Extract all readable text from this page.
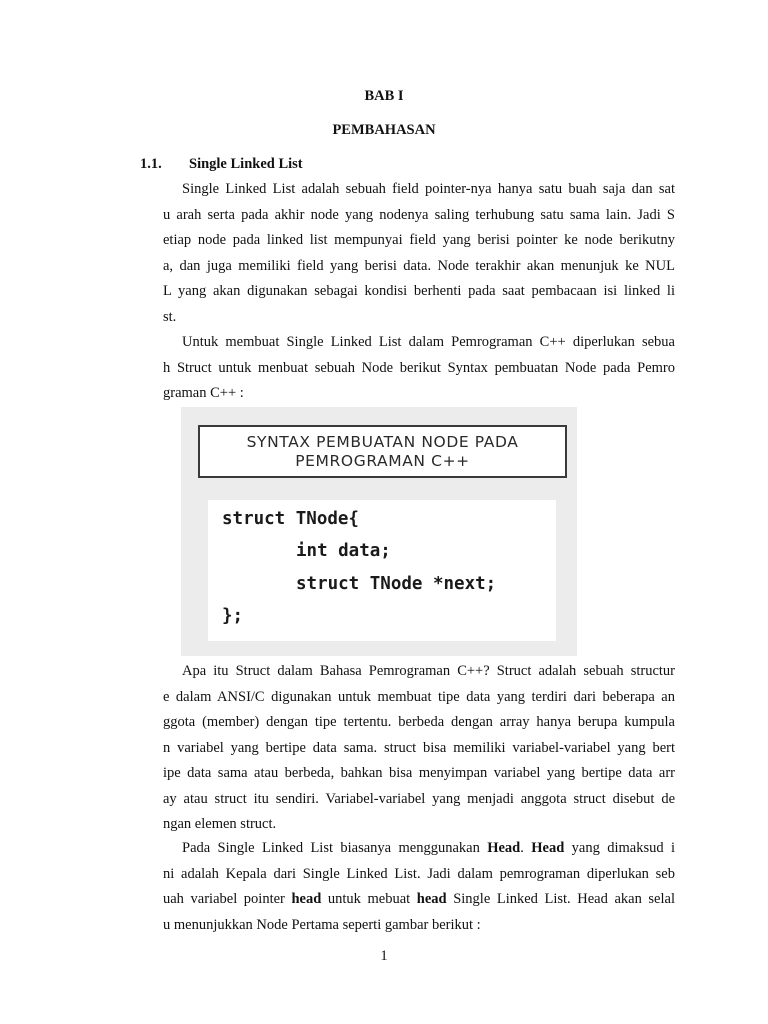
BAB I
PEMBAHASAN
1.1. Single Linked List
Single Linked List adalah sebuah field pointer-nya hanya satu buah saja dan sat
u arah serta pada akhir node yang nodenya saling terhubung satu sama lain. Jadi S
etiap node pada linked list mempunyai field yang berisi pointer ke node berikutny
a, dan juga memiliki field yang berisi data. Node terakhir akan menunjuk ke NUL
L yang akan digunakan sebagai kondisi berhenti pada saat pembacaan isi linked li
st.
Untuk membuat Single Linked List dalam Pemrograman C++ diperlukan sebua
h Struct untuk menbuat sebuah Node berikut Syntax pembuatan Node pada Pemro
graman C++ :
SYNTAX PEMBUATAN NODE PADA
PEMROGRAMAN C++
struct TNode{
int data;
struct TNode *next;
};
Apa itu Struct dalam Bahasa Pemrograman C++? Struct adalah sebuah structur
e dalam ANSI/C digunakan untuk membuat tipe data yang terdiri dari beberapa an
ggota (member) dengan tipe tertentu. berbeda dengan array hanya berupa kumpula
n variabel yang bertipe data sama. struct bisa memiliki variabel-variabel yang bert
ipe data sama atau berbeda, bahkan bisa menyimpan variabel yang bertipe data arr
ay atau struct itu sendiri. Variabel-variabel yang menjadi anggota struct disebut de
ngan elemen struct.
Pada Single Linked List biasanya menggunakan Head. Head yang dimaksud i
ni adalah Kepala dari Single Linked List. Jadi dalam pemrograman diperlukan seb
uah variabel pointer head untuk mebuat head Single Linked List. Head akan selal
u menunjukkan Node Pertama seperti gambar berikut :
1
